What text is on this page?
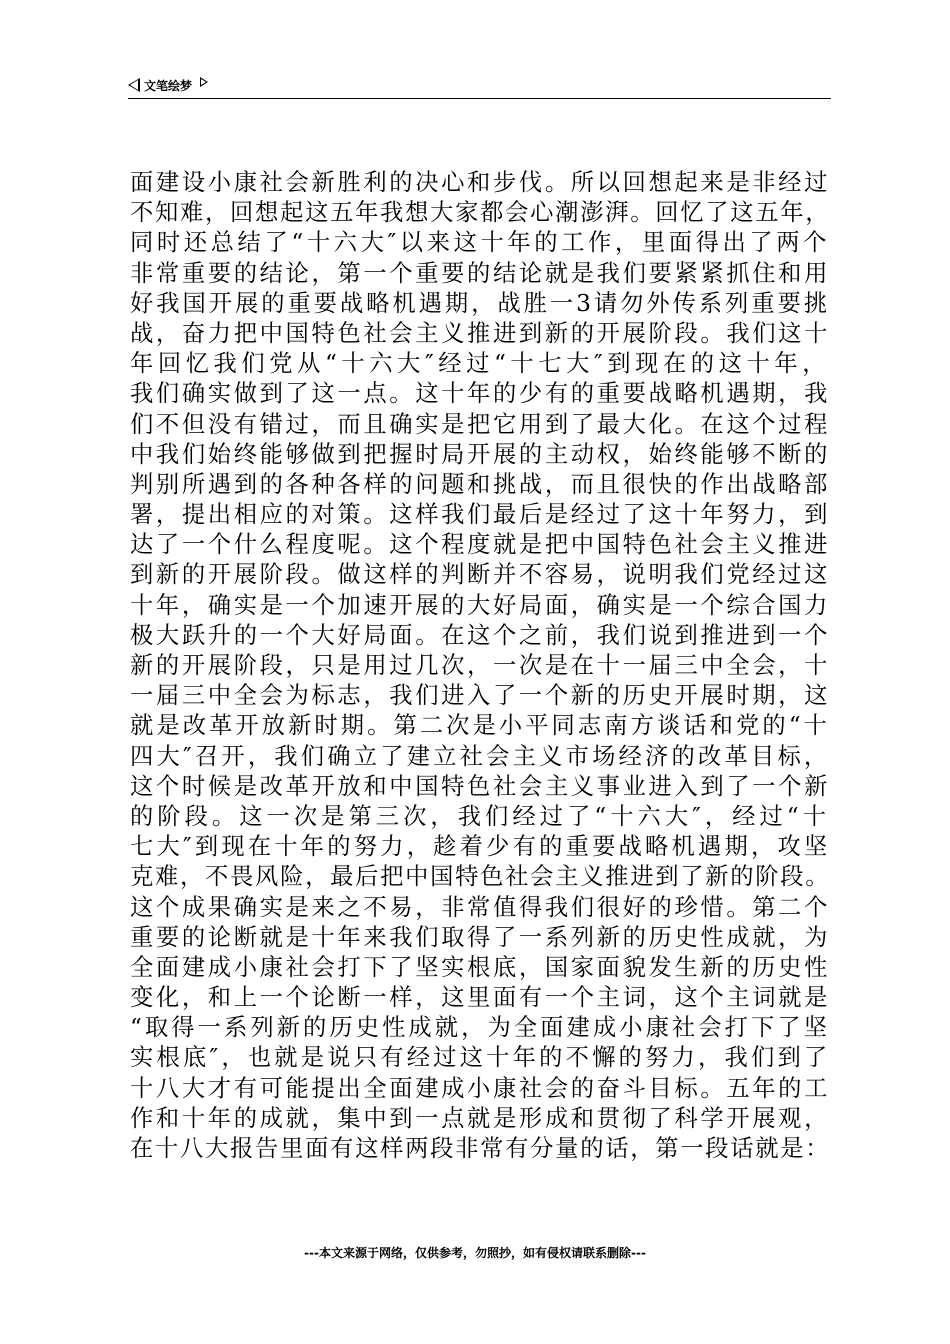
文笔绘梦
面建设小康社会新胜利的决心和步伐。所以回想起来是非经过
不知难，回想起这五年我想大家都会心潮澎湃。回忆了这五年，
同时还总结了“十六大″以来这十年的工作，里面得出了两个
非常重要的结论，第一个重要的结论就是我们要紧紧抓住和用
好我国开展的重要战略机遇期，战胜一3请勿外传系列重要挑
战，奋力把中国特色社会主义推进到新的开展阶段。我们这十
年回忆我们党从“十六大″经过“十七大″到现在的这十年，
我们确实做到了这一点。这十年的少有的重要战略机遇期，我
们不但没有错过，而且确实是把它用到了最大化。在这个过程
中我们始终能够做到把握时局开展的主动权，始终能够不断的
判别所遇到的各种各样的问题和挑战，而且很快的作出战略部
署，提出相应的对策。这样我们最后是经过了这十年努力，到
达了一个什么程度呢。这个程度就是把中国特色社会主义推进
到新的开展阶段。做这样的判断并不容易，说明我们党经过这
十年，确实是一个加速开展的大好局面，确实是一个综合国力
极大跃升的一个大好局面。在这个之前，我们说到推进到一个
新的开展阶段，只是用过几次，一次是在十一届三中全会，十
一届三中全会为标志，我们进入了一个新的历史开展时期，这
就是改革开放新时期。第二次是小平同志南方谈话和党的“十
四大″召开，我们确立了建立社会主义市场经济的改革目标，
这个时候是改革开放和中国特色社会主义事业进入到了一个新
的阶段。这一次是第三次，我们经过了“十六大″，经过“十
七大″到现在十年的努力，趁着少有的重要战略机遇期，攻坚
克难，不畏风险，最后把中国特色社会主义推进到了新的阶段。
这个成果确实是来之不易，非常值得我们很好的珍惜。第二个
重要的论断就是十年来我们取得了一系列新的历史性成就，为
全面建成小康社会打下了坚实根底，国家面貌发生新的历史性
变化，和上一个论断一样，这里面有一个主词，这个主词就是
“取得一系列新的历史性成就，为全面建成小康社会打下了坚
实根底″，也就是说只有经过这十年的不懈的努力，我们到了
十八大才有可能提出全面建成小康社会的奋斗目标。五年的工
作和十年的成就，集中到一点就是形成和贯彻了科学开展观，
在十八大报告里面有这样两段非常有分量的话，第一段话就是：
---本文来源于网络，仅供参考，勿照抄，如有侵权请联系删除---
